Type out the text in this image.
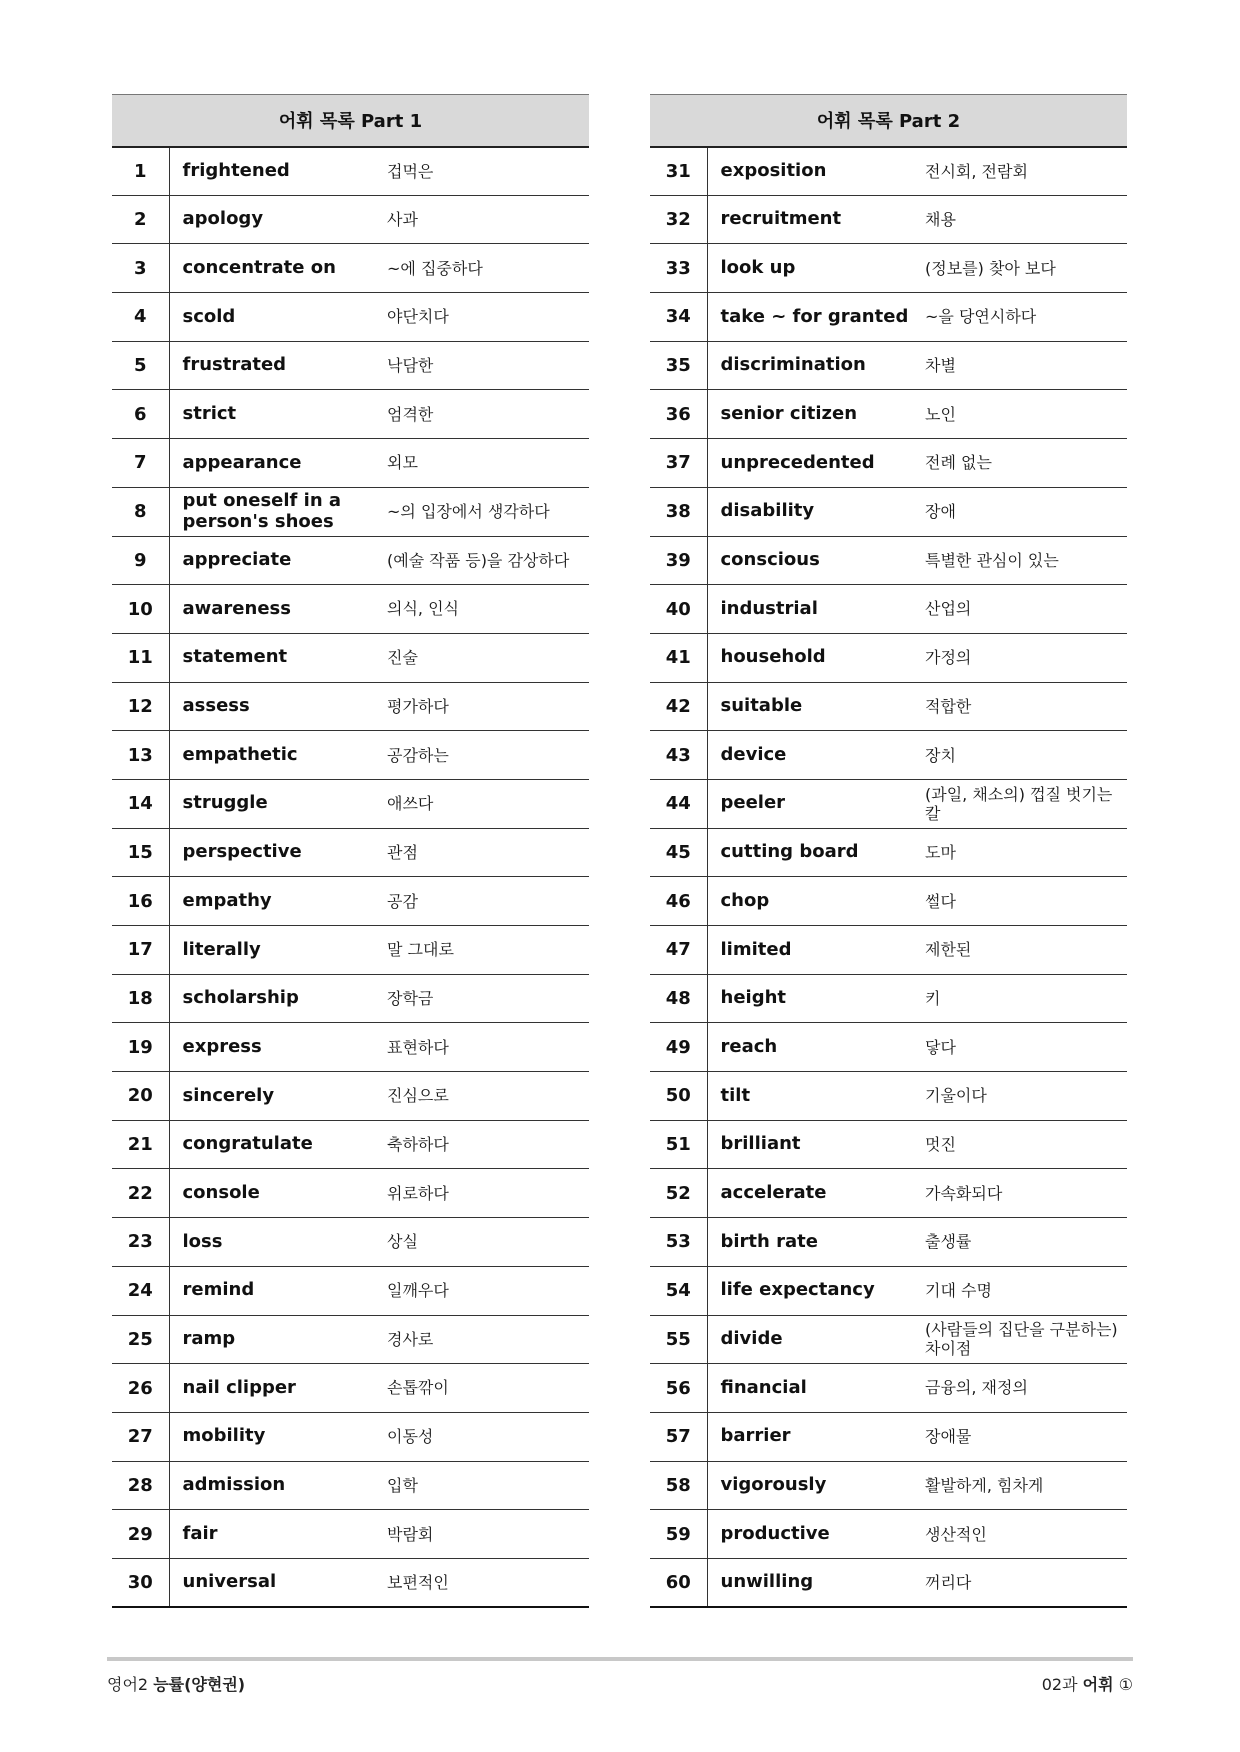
어휘 목록 Part 1		
1	frightened	겁먹은
2	apology	사과
3	concentrate on	~에 집중하다
4	scold	야단치다
5	frustrated	낙담한
6	strict	엄격한
7	appearance	외모
8	put oneself in a person's shoes	~의 입장에서 생각하다
9	appreciate	(예술 작품 등)을 감상하다
10	awareness	의식, 인식
11	statement	진술
12	assess	평가하다
13	empathetic	공감하는
14	struggle	애쓰다
15	perspective	관점
16	empathy	공감
17	literally	말 그대로
18	scholarship	장학금
19	express	표현하다
20	sincerely	진심으로
21	congratulate	축하하다
22	console	위로하다
23	loss	상실
24	remind	일깨우다
25	ramp	경사로
26	nail clipper	손톱깎이
27	mobility	이동성
28	admission	입학
29	fair	박람회
30	universal	보편적인
어휘 목록 Part 2		
31	exposition	전시회, 전람회
32	recruitment	채용
33	look up	(정보를) 찾아 보다
34	take ~ for granted	~을 당연시하다
35	discrimination	차별
36	senior citizen	노인
37	unprecedented	전례 없는
38	disability	장애
39	conscious	특별한 관심이 있는
40	industrial	산업의
41	household	가정의
42	suitable	적합한
43	device	장치
44	peeler	(과일, 채소의) 껍질 벗기는 칼
45	cutting board	도마
46	chop	썰다
47	limited	제한된
48	height	키
49	reach	닿다
50	tilt	기울이다
51	brilliant	멋진
52	accelerate	가속화되다
53	birth rate	출생률
54	life expectancy	기대 수명
55	divide	(사람들의 집단을 구분하는) 차이점
56	financial	금융의, 재정의
57	barrier	장애물
58	vigorously	활발하게, 힘차게
59	productive	생산적인
60	unwilling	꺼리다
영어2 능률(양현권)	02과 어휘 ①
